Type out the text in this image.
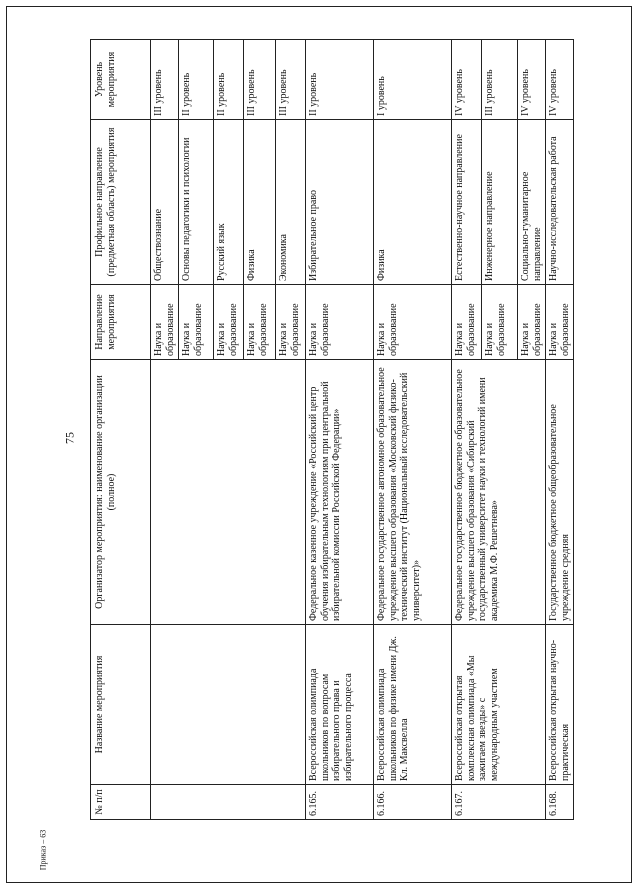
75
Приказ – 63
№ п/п	Название мероприятия	Организатор мероприятия: наименование организации (полное)	Направление мероприятия	Профильное направление (предметная область) мероприятия	Уровень мероприятия
			Наука и образование	Обществознание	III уровень
			Наука и образование	Основы педагогики и психологии	II уровень
			Наука и образование	Русский язык	II уровень
			Наука и образование	Физика	III уровень
			Наука и образование	Экономика	III уровень
6.165.	Всероссийская олимпиада школьников по вопросам избирательного права и избирательного процесса	Федеральное казенное учреждение «Российский центр обучения избирательным технологиям при центральной избирательной комиссии Российской Федерации»	Наука и образование	Избирательное право	II уровень
6.166.	Всероссийская олимпиада школьников по физике имени Дж. Кл. Максвелла	Федеральное государственное автономное образовательное учреждение высшего образования «Московский физико-технический институт (Национальный исследовательский университет)»	Наука и образование	Физика	I уровень
6.167.	Всероссийская открытая комплексная олимпиада «Мы зажигаем звезды» с международным участием	Федеральное государственное бюджетное образовательное учреждение высшего образования «Сибирский государственный университет науки и технологий имени академика М.Ф. Решетнева»	Наука и образование	Естественно-научное направление	IV уровень
			Наука и образование	Инженерное направление	III уровень
			Наука и образование	Социально-гуманитарное направление	IV уровень
6.168.	Всероссийская открытая научно-практическая	Государственное бюджетное общеобразовательное учреждение средняя	Наука и образование	Научно-исследовательская работа	IV уровень
